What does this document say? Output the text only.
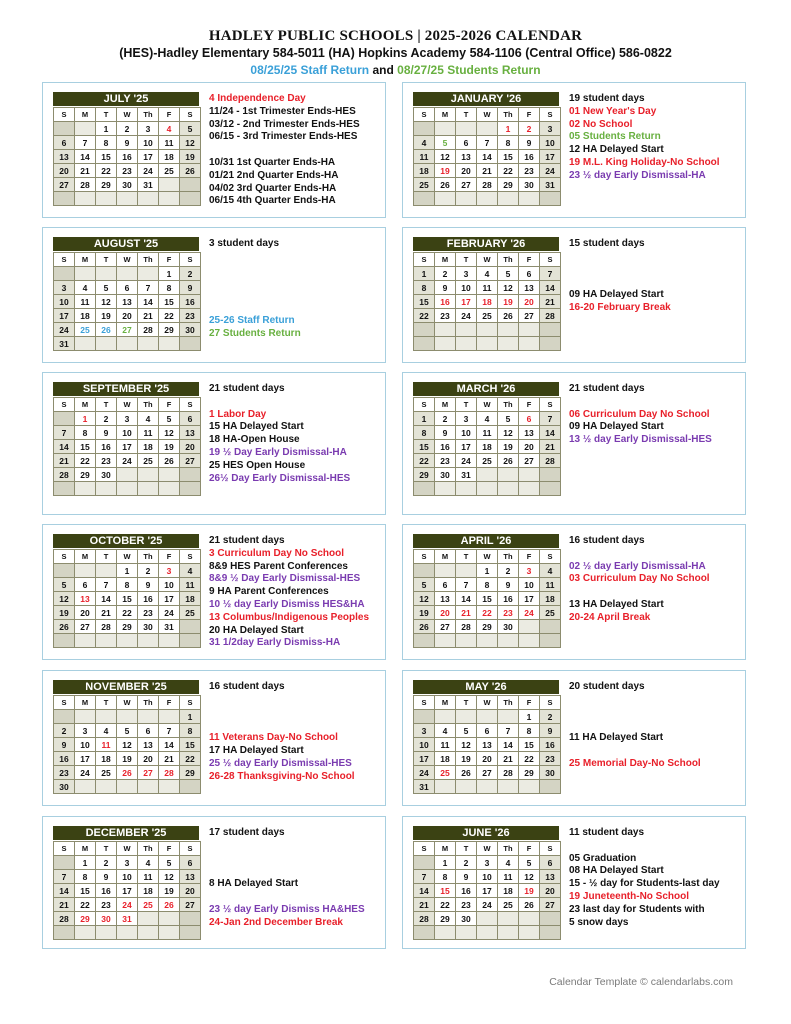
HADLEY PUBLIC SCHOOLS | 2025-2026 CALENDAR
(HES)-Hadley Elementary 584-5011 (HA) Hopkins Academy 584-1106 (Central Office) 586-0822
08/25/25 Staff Return and 08/27/25 Students Return
JULY '25
S	M	T	W	Th	F	S
		1	2	3	4	5
6	7	8	9	10	11	12
13	14	15	16	17	18	19
20	21	22	23	24	25	26
27	28	29	30	31		

4 Independence Day
11/24 - 1st Trimester Ends-HES
03/12 - 2nd Trimester Ends-HES
06/15 - 3rd Trimester Ends-HES
10/31 1st Quarter Ends-HA
01/21 2nd Quarter Ends-HA
04/02 3rd Quarter Ends-HA
06/15 4th Quarter Ends-HA
JANUARY '26
S	M	T	W	Th	F	S
				1	2	3
4	5	6	7	8	9	10
11	12	13	14	15	16	17
18	19	20	21	22	23	24
25	26	27	28	29	30	31

19 student days
01 New Year's Day
02 No School
05 Students Return
12 HA Delayed Start
19 M.L. King Holiday-No School
23 ½ day Early Dismissal-HA
AUGUST '25
S	M	T	W	Th	F	S
					1	2
3	4	5	6	7	8	9
10	11	12	13	14	15	16
17	18	19	20	21	22	23
24	25	26	27	28	29	30
31						
3 student days
25-26 Staff Return
27 Students Return
FEBRUARY '26
S	M	T	W	Th	F	S
1	2	3	4	5	6	7
8	9	10	11	12	13	14
15	16	17	18	19	20	21
22	23	24	25	26	27	28

15 student days
09 HA Delayed Start
16-20 February Break
SEPTEMBER '25
S	M	T	W	Th	F	S
	1	2	3	4	5	6
7	8	9	10	11	12	13
14	15	16	17	18	19	20
21	22	23	24	25	26	27
28	29	30				

21 student days
1 Labor Day
15 HA Delayed Start
18 HA-Open House
19 ½ Day Early Dismissal-HA
25 HES Open House
26½ Day Early Dismissal-HES
MARCH '26
S	M	T	W	Th	F	S
1	2	3	4	5	6	7
8	9	10	11	12	13	14
15	16	17	18	19	20	21
22	23	24	25	26	27	28
29	30	31				

21 student days
06 Curriculum Day No School
09 HA Delayed Start
13 ½ day Early Dismissal-HES
OCTOBER '25
S	M	T	W	Th	F	S
			1	2	3	4
5	6	7	8	9	10	11
12	13	14	15	16	17	18
19	20	21	22	23	24	25
26	27	28	29	30	31	

21 student days
3 Curriculum Day No School
8&9 HES Parent Conferences
8&9 ½ Day Early Dismissal-HES
9 HA Parent Conferences
10 ½ day Early Dismiss HES&HA
13 Columbus/Indigenous Peoples
20 HA Delayed Start
31 1/2day Early Dismiss-HA
APRIL '26
S	M	T	W	Th	F	S
			1	2	3	4
5	6	7	8	9	10	11
12	13	14	15	16	17	18
19	20	21	22	23	24	25
26	27	28	29	30		

16 student days
02 ½ day Early Dismissal-HA
03 Curriculum Day No School
13 HA Delayed Start
20-24 April Break
NOVEMBER '25
S	M	T	W	Th	F	S
						1
2	3	4	5	6	7	8
9	10	11	12	13	14	15
16	17	18	19	20	21	22
23	24	25	26	27	28	29
30						
16 student days
11 Veterans Day-No School
17 HA Delayed Start
25 ½ day Early Dismissal-HES
26-28 Thanksgiving-No School
MAY '26
S	M	T	W	Th	F	S
					1	2
3	4	5	6	7	8	9
10	11	12	13	14	15	16
17	18	19	20	21	22	23
24	25	26	27	28	29	30
31						
20 student days
11 HA Delayed Start
25 Memorial Day-No School
DECEMBER '25
S	M	T	W	Th	F	S
	1	2	3	4	5	6
7	8	9	10	11	12	13
14	15	16	17	18	19	20
21	22	23	24	25	26	27
28	29	30	31			

17 student days
8 HA Delayed Start
23 ½ day Early Dismiss HA&HES
24-Jan 2nd December Break
JUNE '26
S	M	T	W	Th	F	S
	1	2	3	4	5	6
7	8	9	10	11	12	13
14	15	16	17	18	19	20
21	22	23	24	25	26	27
28	29	30				

11 student days
05 Graduation
08 HA Delayed Start
15 - ½ day for Students-last day
19 Juneteenth-No School
23 last day for Students with
5 snow days
Calendar Template © calendarlabs.com
